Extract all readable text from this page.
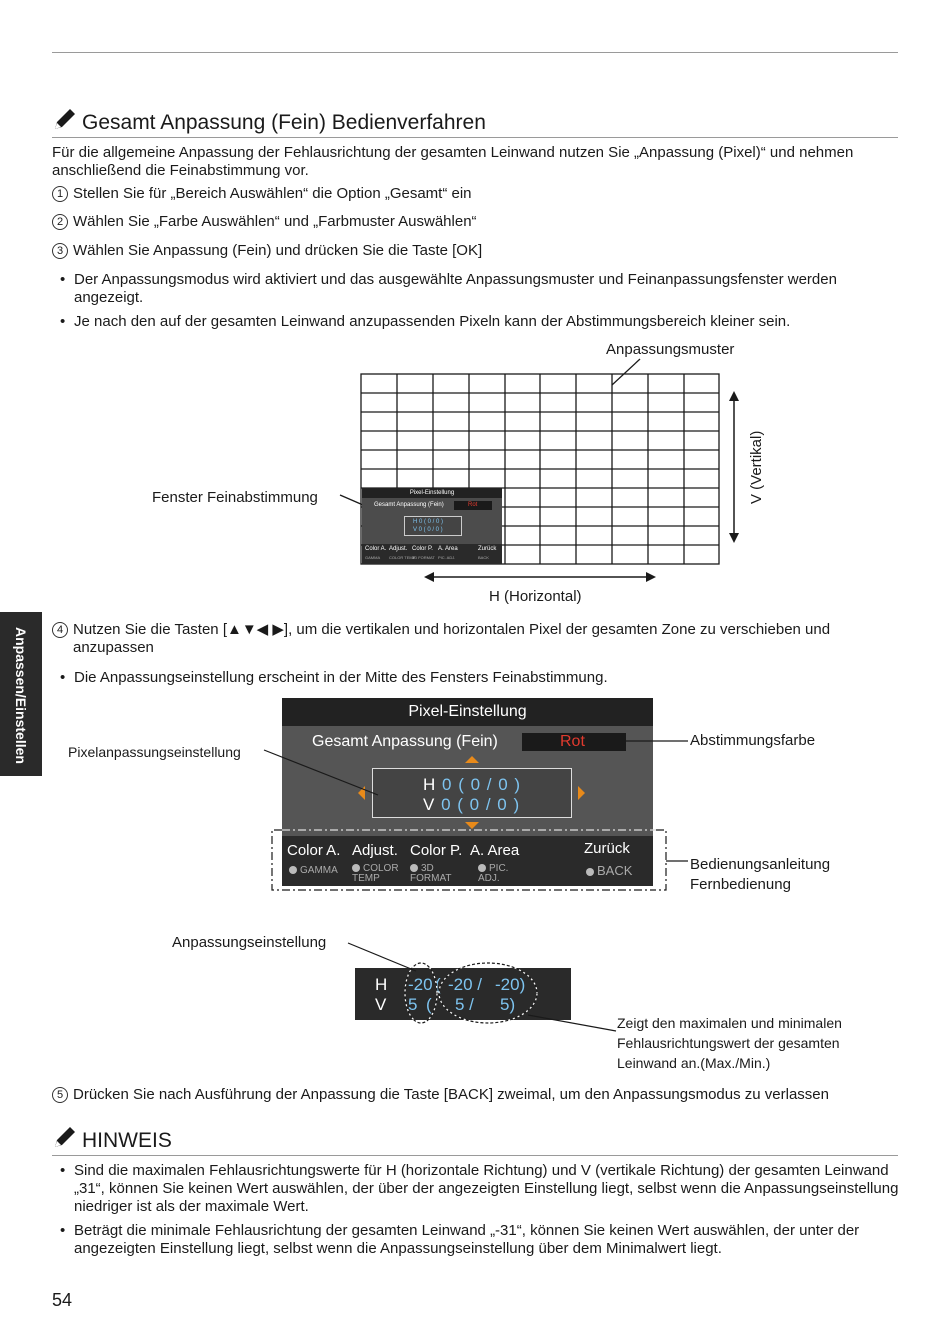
Gesamt Anpassung (Fein) Bedienverfahren
Für die allgemeine Anpassung der Fehlausrichtung der gesamten Leinwand nutzen Sie „Anpassung (Pixel)“ und nehmen anschließend die Feinabstimmung vor.
1 Stellen Sie für „Bereich Auswählen“ die Option „Gesamt“ ein
2 Wählen Sie „Farbe Auswählen“ und „Farbmuster Auswählen“
3 Wählen Sie Anpassung (Fein) und drücken Sie die Taste [OK]
• Der Anpassungsmodus wird aktiviert und das ausgewählte Anpassungsmuster und Feinanpassungsfenster werden angezeigt.
• Je nach den auf der gesamten Leinwand anzupassenden Pixeln kann der Abstimmungsbereich kleiner sein.
Anpassungsmuster
Fenster Feinabstimmung	V (Vertikal)
H (Horizontal)
Pixel-Einstellung
Gesamt Anpassung (Fein)	Rot
H 0 ( 0 / 0 )
V 0 ( 0 / 0 )
Color A. Adjust. Color P. A. Area	Zurück
GAMMA	COLOR TEMP
3D FORMAT PIC. ADJ.	BACK
Anpassen/Einstellen	4 Nutzen Sie die Tasten [▲▼◀ ▶], um die vertikalen und horizontalen Pixel der gesamten Zone zu verschieben und anzupassen
• Die Anpassungseinstellung erscheint in der Mitte des Fensters Feinabstimmung.
Pixelanpassungseinstellung
Abstimmungsfarbe
Bedienungsanleitung
Fernbedienung
Pixel-Einstellung
Gesamt Anpassung (Fein)	Rot
H 0 ( 0 / 0 )
V 0 ( 0 / 0 )
Color A. Adjust. Color P. A. Area	Zurück
GAMMA	COLOR TEMP
3D FORMAT
PIC. ADJ.
BACK
Anpassungseinstellung
H -20 ( -20 / -20)
V 5 ( 5 / 5)
Zeigt den maximalen und minimalen Fehlausrichtungswert der gesamten Leinwand an.(Max./Min.)
5 Drücken Sie nach Ausführung der Anpassung die Taste [BACK] zweimal, um den Anpassungsmodus zu verlassen
HINWEIS
• Sind die maximalen Fehlausrichtungswerte für H (horizontale Richtung) und V (vertikale Richtung) der gesamten Leinwand „31“, können Sie keinen Wert auswählen, der über der angezeigten Einstellung liegt, selbst wenn die Anpassungseinstellung niedriger ist als der maximale Wert.
• Beträgt die minimale Fehlausrichtung der gesamten Leinwand „-31“, können Sie keinen Wert auswählen, der unter der angezeigten Einstellung liegt, selbst wenn die Anpassungseinstellung über dem Minimalwert liegt.
54
